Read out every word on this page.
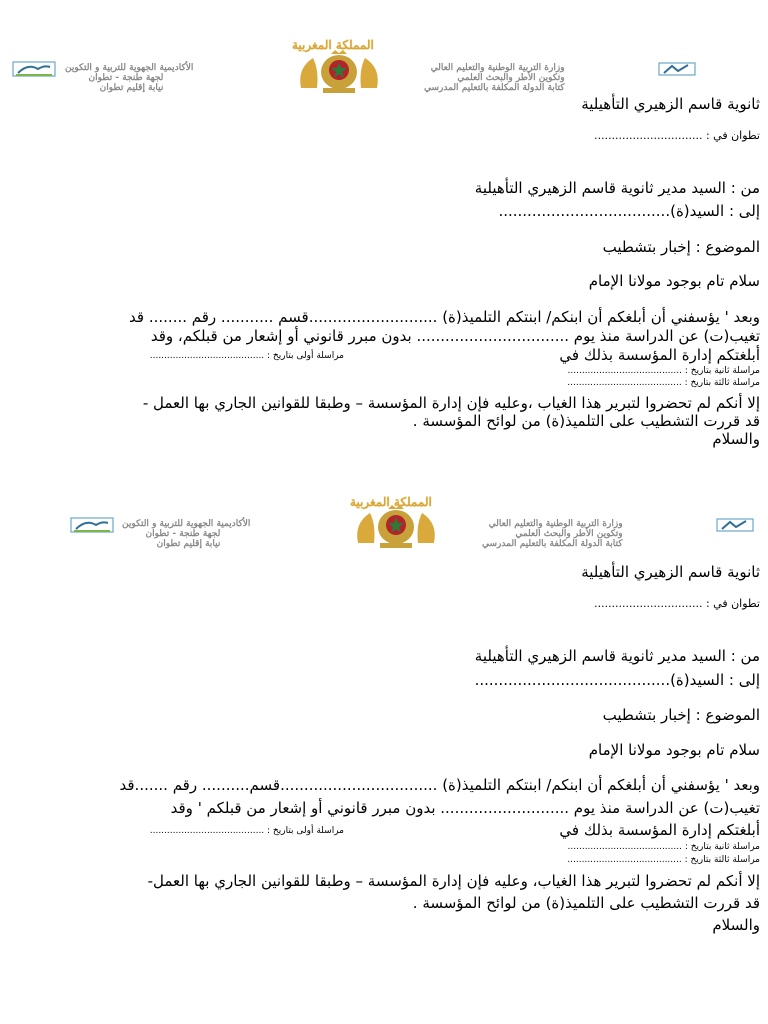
المملكة المغربية
الأكاديمية الجهوية للتربية و التكوين
لجهة طنجة - تطوان
نيابة إقليم تطوان
وزارة التربية الوطنية والتعليم العالي
وتكوين الأطر والبحث العلمي
كتابة الدولة المكلفة بالتعليم المدرسي
ثانوية قاسم الزهيري التأهيلية
تطوان في : ...............................
من : السيد مدير ثانوية قاسم الزهيري التأهيلية
إلى : السيد(ة)....................................
الموضوع : إخبار بتشطيب
سلام تام بوجود مولانا الإمام
وبعد ' يؤسفني أن أبلغكم أن ابنكم/ ابنتكم التلميذ(ة) ...........................قسم ........... رقم ........ قد
تغيب(ت) عن الدراسة منذ يوم ................................ بدون مبرر قانوني أو إشعار من قبلكم، وقد
أبلغتكم إدارة المؤسسة بذلك في
مراسلة أولى بتاريخ : ........................................
مراسلة ثانية بتاريخ : ........................................
مراسلة ثالثة بتاريخ : ........................................
إلا أنكم لم تحضروا لتبرير هذا الغياب ،وعليه فإن إدارة المؤسسة – وطبقا للقوانين الجاري بها العمل -
قد قررت التشطيب على التلميذ(ة) من لوائح المؤسسة .
والسلام
المملكة المغربية
الأكاديمية الجهوية للتربية و التكوين
لجهة طنجة - تطوان
نيابة إقليم تطوان
وزارة التربية الوطنية والتعليم العالي
وتكوين الأطر والبحث العلمي
كتابة الدولة المكلفة بالتعليم المدرسي
ثانوية قاسم الزهيري التأهيلية
تطوان في : ...............................
من : السيد مدير ثانوية قاسم الزهيري التأهيلية
إلى : السيد(ة).........................................
الموضوع : إخبار بتشطيب
سلام تام بوجود مولانا الإمام
وبعد ' يؤسفني أن أبلغكم أن ابنكم/ ابنتكم التلميذ(ة) .................................قسم.......... رقم .......قد
تغيب(ت) عن الدراسة منذ يوم ........................... بدون مبرر قانوني أو إشعار من قبلكم ' وقد
أبلغتكم إدارة المؤسسة بذلك في
مراسلة أولى بتاريخ : ........................................
مراسلة ثانية بتاريخ : ........................................
مراسلة ثالثة بتاريخ : ........................................
إلا أنكم لم تحضروا لتبرير هذا الغياب، وعليه فإن إدارة المؤسسة – وطبقا للقوانين الجاري بها العمل-
قد قررت التشطيب على التلميذ(ة) من لوائح المؤسسة .
والسلام
